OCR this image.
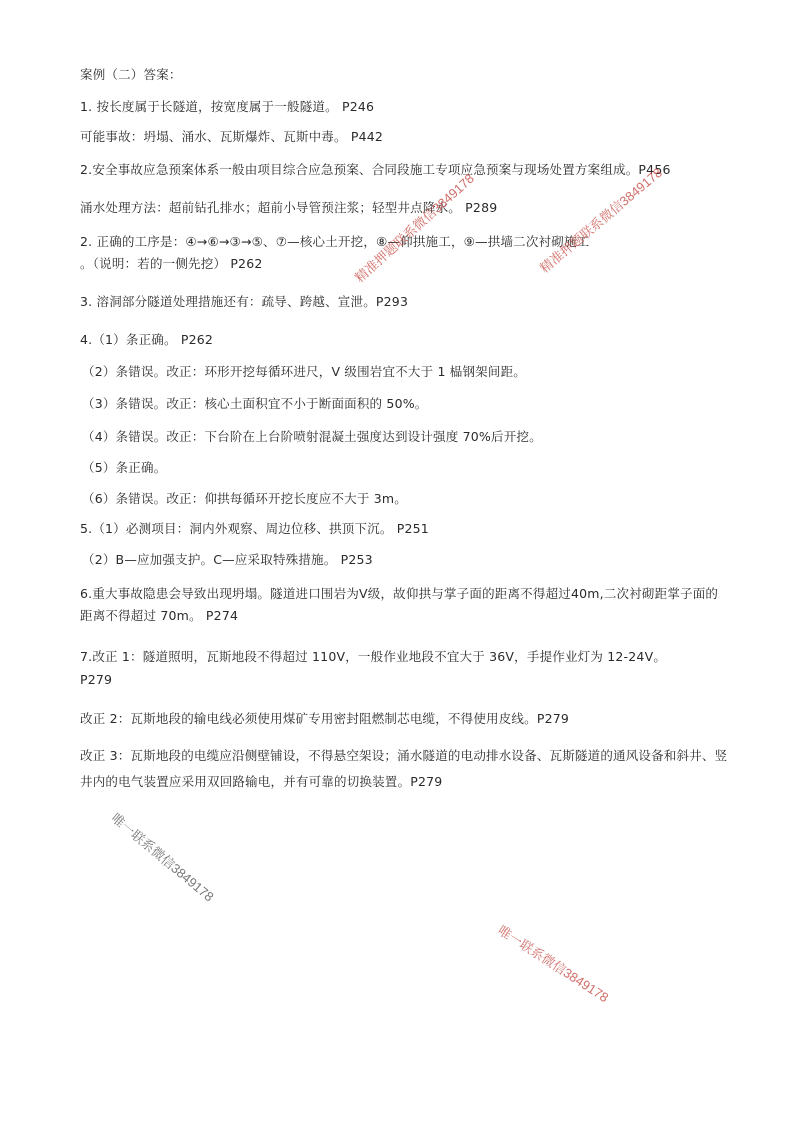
案例（二）答案：
1. 按长度属于长隧道，按宽度属于一般隧道。 P246
可能事故：坍塌、涌水、瓦斯爆炸、瓦斯中毒。 P442
2.安全事故应急预案体系一般由项目综合应急预案、合同段施工专项应急预案与现场处置方案组成。P456
涌水处理方法：超前钻孔排水；超前小导管预注浆；轻型井点降水。 P289
2. 正确的工序是：④→⑥→③→⑤、⑦—核心土开挖，⑧—仰拱施工，⑨—拱墙二次衬砌施工
。（说明：若的一侧先挖） P262
3. 溶洞部分隧道处理措施还有：疏导、跨越、宣泄。P293
4.（1）条正确。 P262
（2）条错误。改正：环形开挖每循环进尺，V 级围岩宜不大于 1 榀钢架间距。
（3）条错误。改正：核心土面积宜不小于断面面积的 50%。
（4）条错误。改正：下台阶在上台阶喷射混凝土强度达到设计强度 70%后开挖。
（5）条正确。
（6）条错误。改正：仰拱每循环开挖长度应不大于 3m。
5.（1）必测项目：洞内外观察、周边位移、拱顶下沉。 P251
（2）B—应加强支护。C—应采取特殊措施。 P253
6.重大事故隐患会导致出现坍塌。隧道进口围岩为V级，故仰拱与掌子面的距离不得超过40m,二次衬砌距掌子面的距离不得超过 70m。 P274
7.改正 1：隧道照明，瓦斯地段不得超过 110V，一般作业地段不宜大于 36V，手提作业灯为 12-24V。
P279
改正 2：瓦斯地段的输电线必须使用煤矿专用密封阻燃制芯电缆，不得使用皮线。P279
改正 3：瓦斯地段的电缆应沿侧壁铺设，不得悬空架设；涌水隧道的电动排水设备、瓦斯隧道的通风设备和斜井、竖井内的电气装置应采用双回路输电，并有可靠的切换装置。P279
精准押题联系微信3849178	精准押题联系微信3849178
唯一联系微信3849178
唯一联系微信3849178
